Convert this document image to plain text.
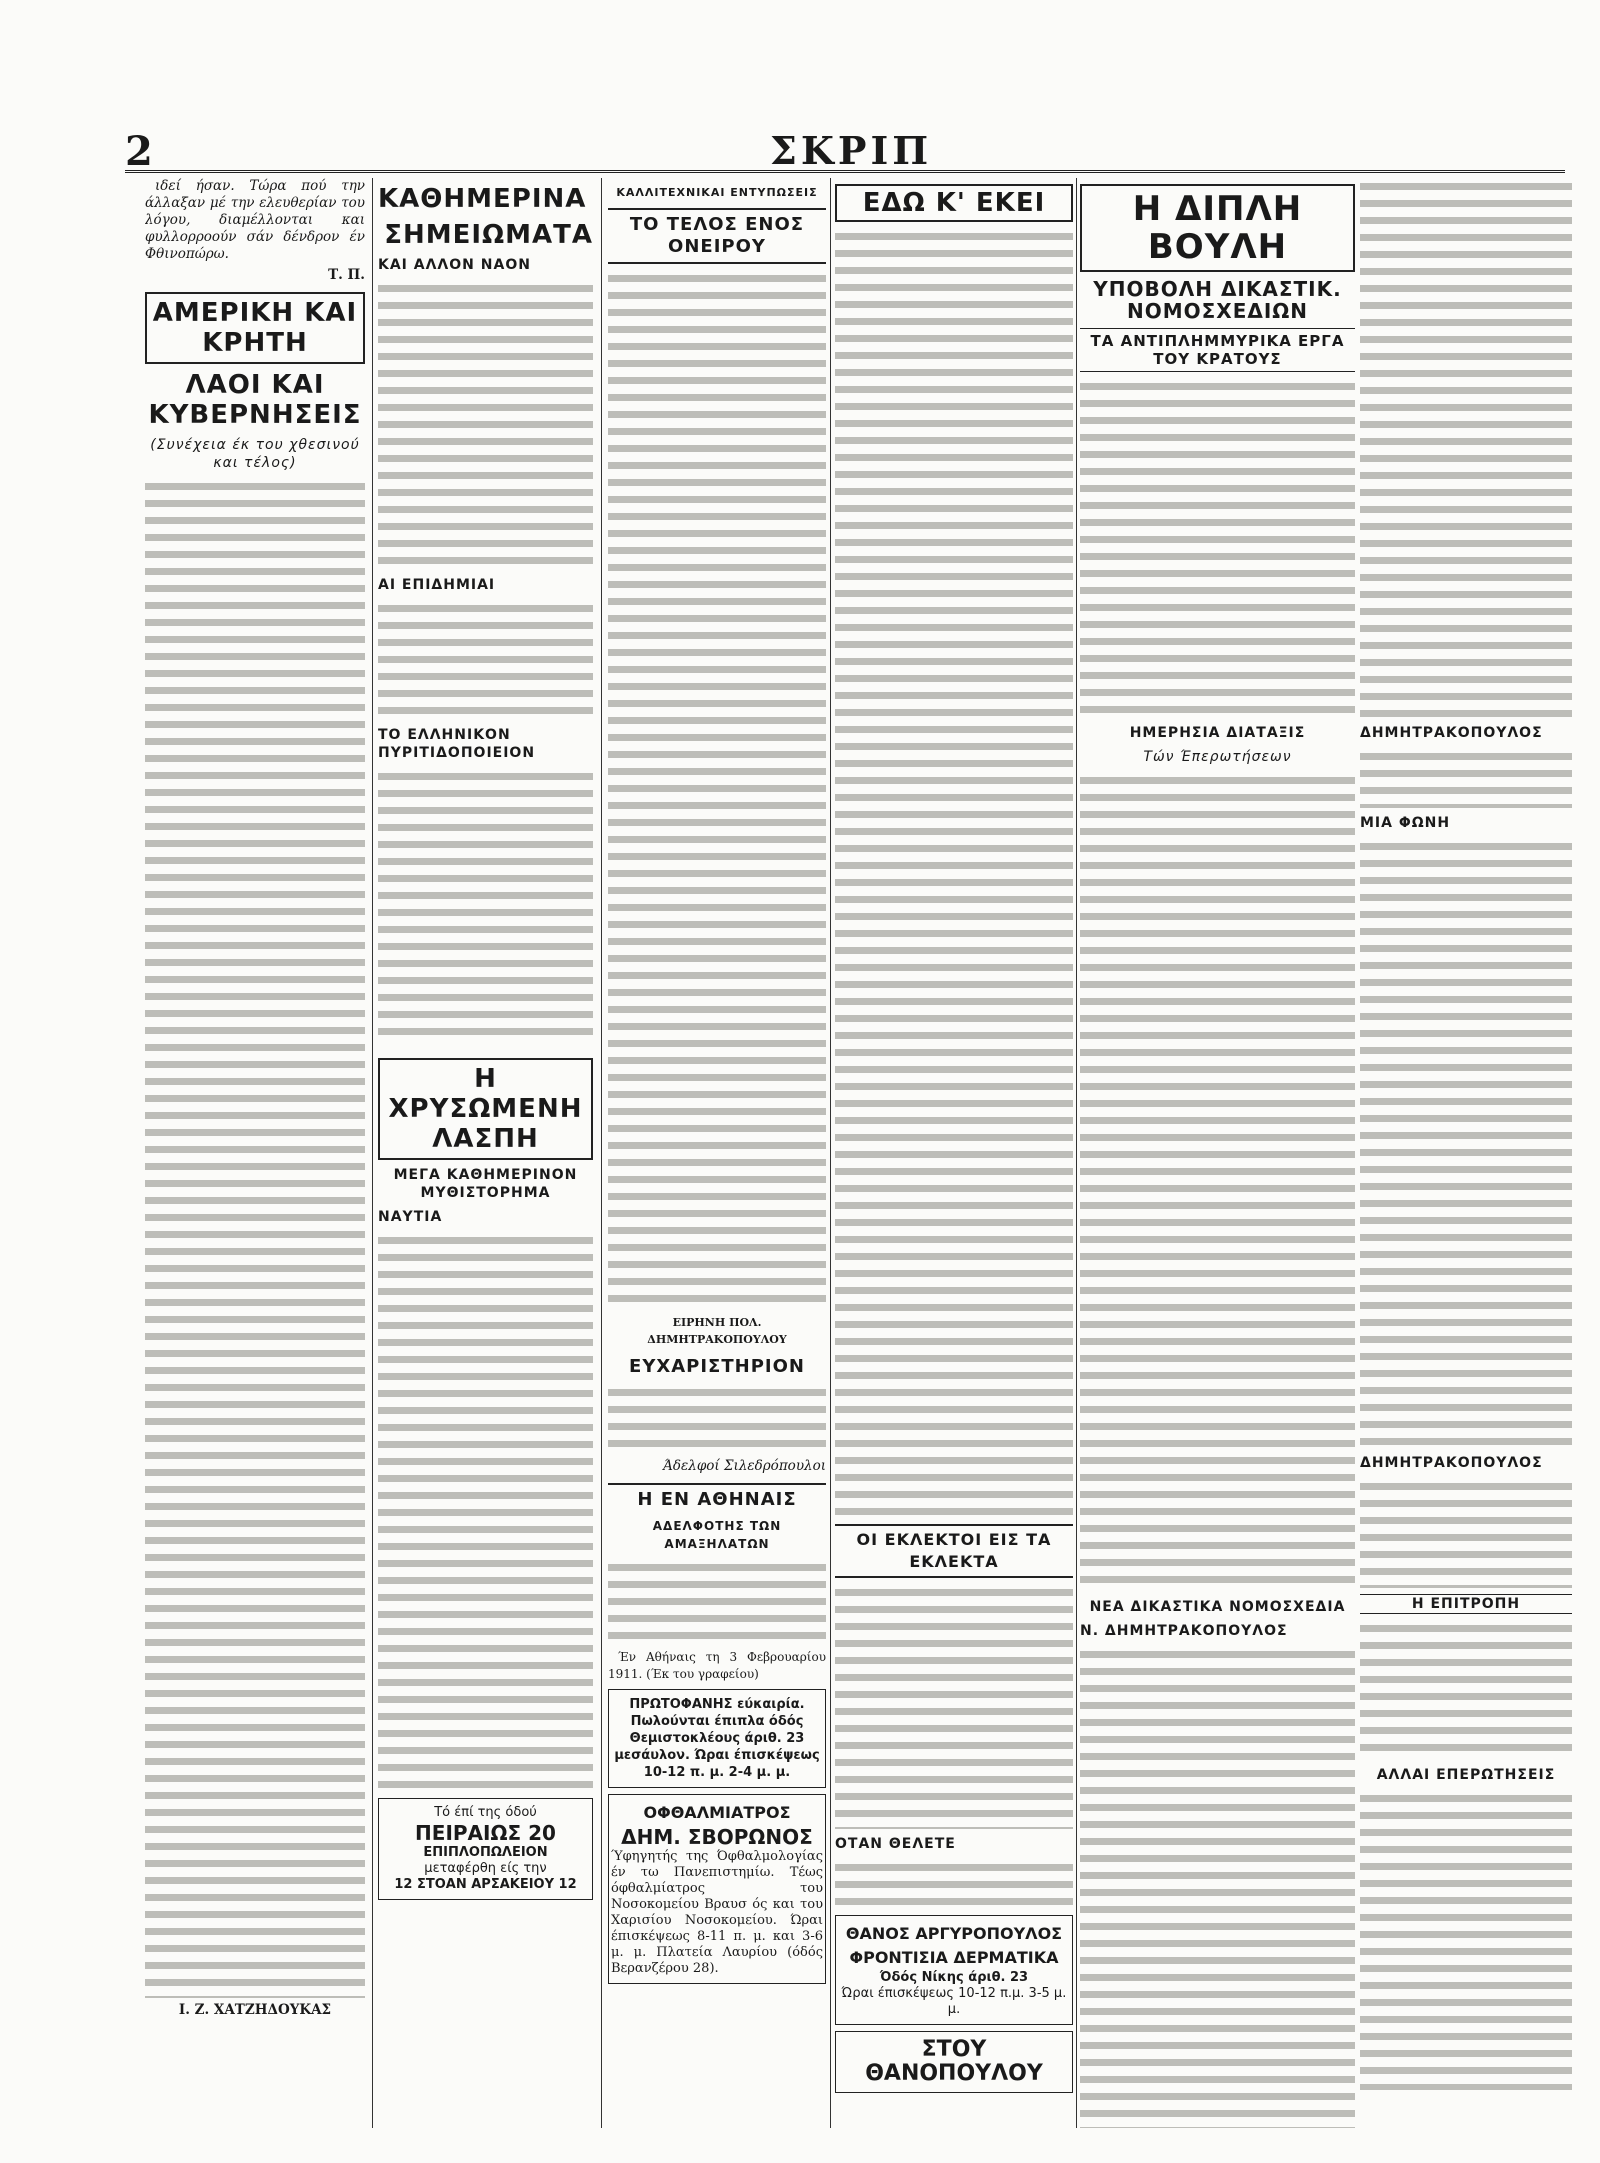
2	ΣΚΡΙΠ

ιδεί ήσαν. Τώρα πού την άλλαξαν μέ την ελευθερίαν του λόγου, διαμέλλονται και φυλλορροούν σάν δένδρον έν Φθινοπώρω.

Τ. Π.
ΑΜΕΡΙΚΗ ΚΑΙ ΚΡΗΤΗ
ΛΑΟΙ ΚΑΙ ΚΥΒΕΡΝΗΣΕΙΣ
(Συνέχεια έκ του χθεσινού και τέλος)
Ι. Ζ. ΧΑΤΖΗΔΟΥΚΑΣ
ΚΑΘΗΜΕΡΙΝΑ
ΣΗΜΕΙΩΜΑΤΑ
ΚΑΙ ΑΛΛΟΝ ΝΑΟΝ
ΑΙ ΕΠΙΔΗΜΙΑΙ
ΤΟ ΕΛΛΗΝΙΚΟΝ ΠΥΡΙΤΙΔΟΠΟΙΕΙΟΝ
Η ΧΡΥΣΩΜΕΝΗ ΛΑΣΠΗ
ΜΕΓΑ ΚΑΘΗΜΕΡΙΝΟΝ ΜΥΘΙΣΤΟΡΗΜΑ
ΝΑΥΤΙΑ
Τό έπί της όδού
ΠΕΙΡΑΙΩΣ 20
ΕΠΙΠΛΟΠΩΛΕΙΟΝ
μεταφέρθη είς την
12 ΣΤΟΑΝ ΑΡΣΑΚΕΙΟΥ 12
ΚΑΛΛΙΤΕΧΝΙΚΑΙ ΕΝΤΥΠΩΣΕΙΣ
ΤΟ ΤΕΛΟΣ ΕΝΟΣ ΟΝΕΙΡΟΥ
ΕΙΡΗΝΗ ΠΟΛ. ΔΗΜΗΤΡΑΚΟΠΟΥΛΟΥ
ΕΥΧΑΡΙΣΤΗΡΙΟΝ
Άδελφοί Σιλεδρόπουλοι
Η ΕΝ ΑΘΗΝΑΙΣ
ΑΔΕΛΦΟΤΗΣ ΤΩΝ ΑΜΑΞΗΛΑΤΩΝ

Έν Αθήναις τη 3 Φεβρουαρίου 1911. (Έκ του γραφείου)

ΠΡΩΤΟΦΑΝΗΣ εύκαιρία. Πωλούνται έπιπλα όδός Θεμιστοκλέους άριθ. 23 μεσάυλον. Ώραι έπισκέψεως 10-12 π. μ. 2-4 μ. μ.
ΟΦΘΑΛΜΙΑΤΡΟΣ
ΔΗΜ. ΣΒΟΡΩΝΟΣ
Ύφηγητής της Όφθαλμολογίας έν τω Πανεπιστημίω. Τέως όφθαλμίατρος του Νοσοκομείου Βραυσ ός και του Χαρισίου Νοσοκομείου. Ώραι έπισκέψεως 8-11 π. μ. και 3-6 μ. μ. Πλατεία Λαυρίου (όδός Βερανζέρου 28).
ΕΔΩ Κ' ΕΚΕΙ
ΟΙ ΕΚΛΕΚΤΟΙ ΕΙΣ ΤΑ ΕΚΛΕΚΤΑ
ΟΤΑΝ ΘΕΛΕΤΕ
ΘΑΝΟΣ ΑΡΓΥΡΟΠΟΥΛΟΣ
ΦΡΟΝΤΙΣΙΑ ΔΕΡΜΑΤΙΚΑ
Όδός Νίκης άριθ. 23
Ώραι έπισκέψεως 10-12 π.μ. 3-5 μ. μ.
ΣΤΟΥ ΘΑΝΟΠΟΥΛΟΥ
Η ΔΙΠΛΗ ΒΟΥΛΗ
ΥΠΟΒΟΛΗ ΔΙΚΑΣΤΙΚ. ΝΟΜΟΣΧΕΔΙΩΝ
ΤΑ ΑΝΤΙΠΛΗΜΜΥΡΙΚΑ ΕΡΓΑ ΤΟΥ ΚΡΑΤΟΥΣ
ΗΜΕΡΗΣΙΑ ΔΙΑΤΑΞΙΣ
Τών Έπερωτήσεων
ΝΕΑ ΔΙΚΑΣΤΙΚΑ ΝΟΜΟΣΧΕΔΙΑ
Ν. ΔΗΜΗΤΡΑΚΟΠΟΥΛΟΣ
ΔΗΜΗΤΡΑΚΟΠΟΥΛΟΣ
ΜΙΑ ΦΩΝΗ
ΔΗΜΗΤΡΑΚΟΠΟΥΛΟΣ
Η ΕΠΙΤΡΟΠΗ
ΑΛΛΑΙ ΕΠΕΡΩΤΗΣΕΙΣ
